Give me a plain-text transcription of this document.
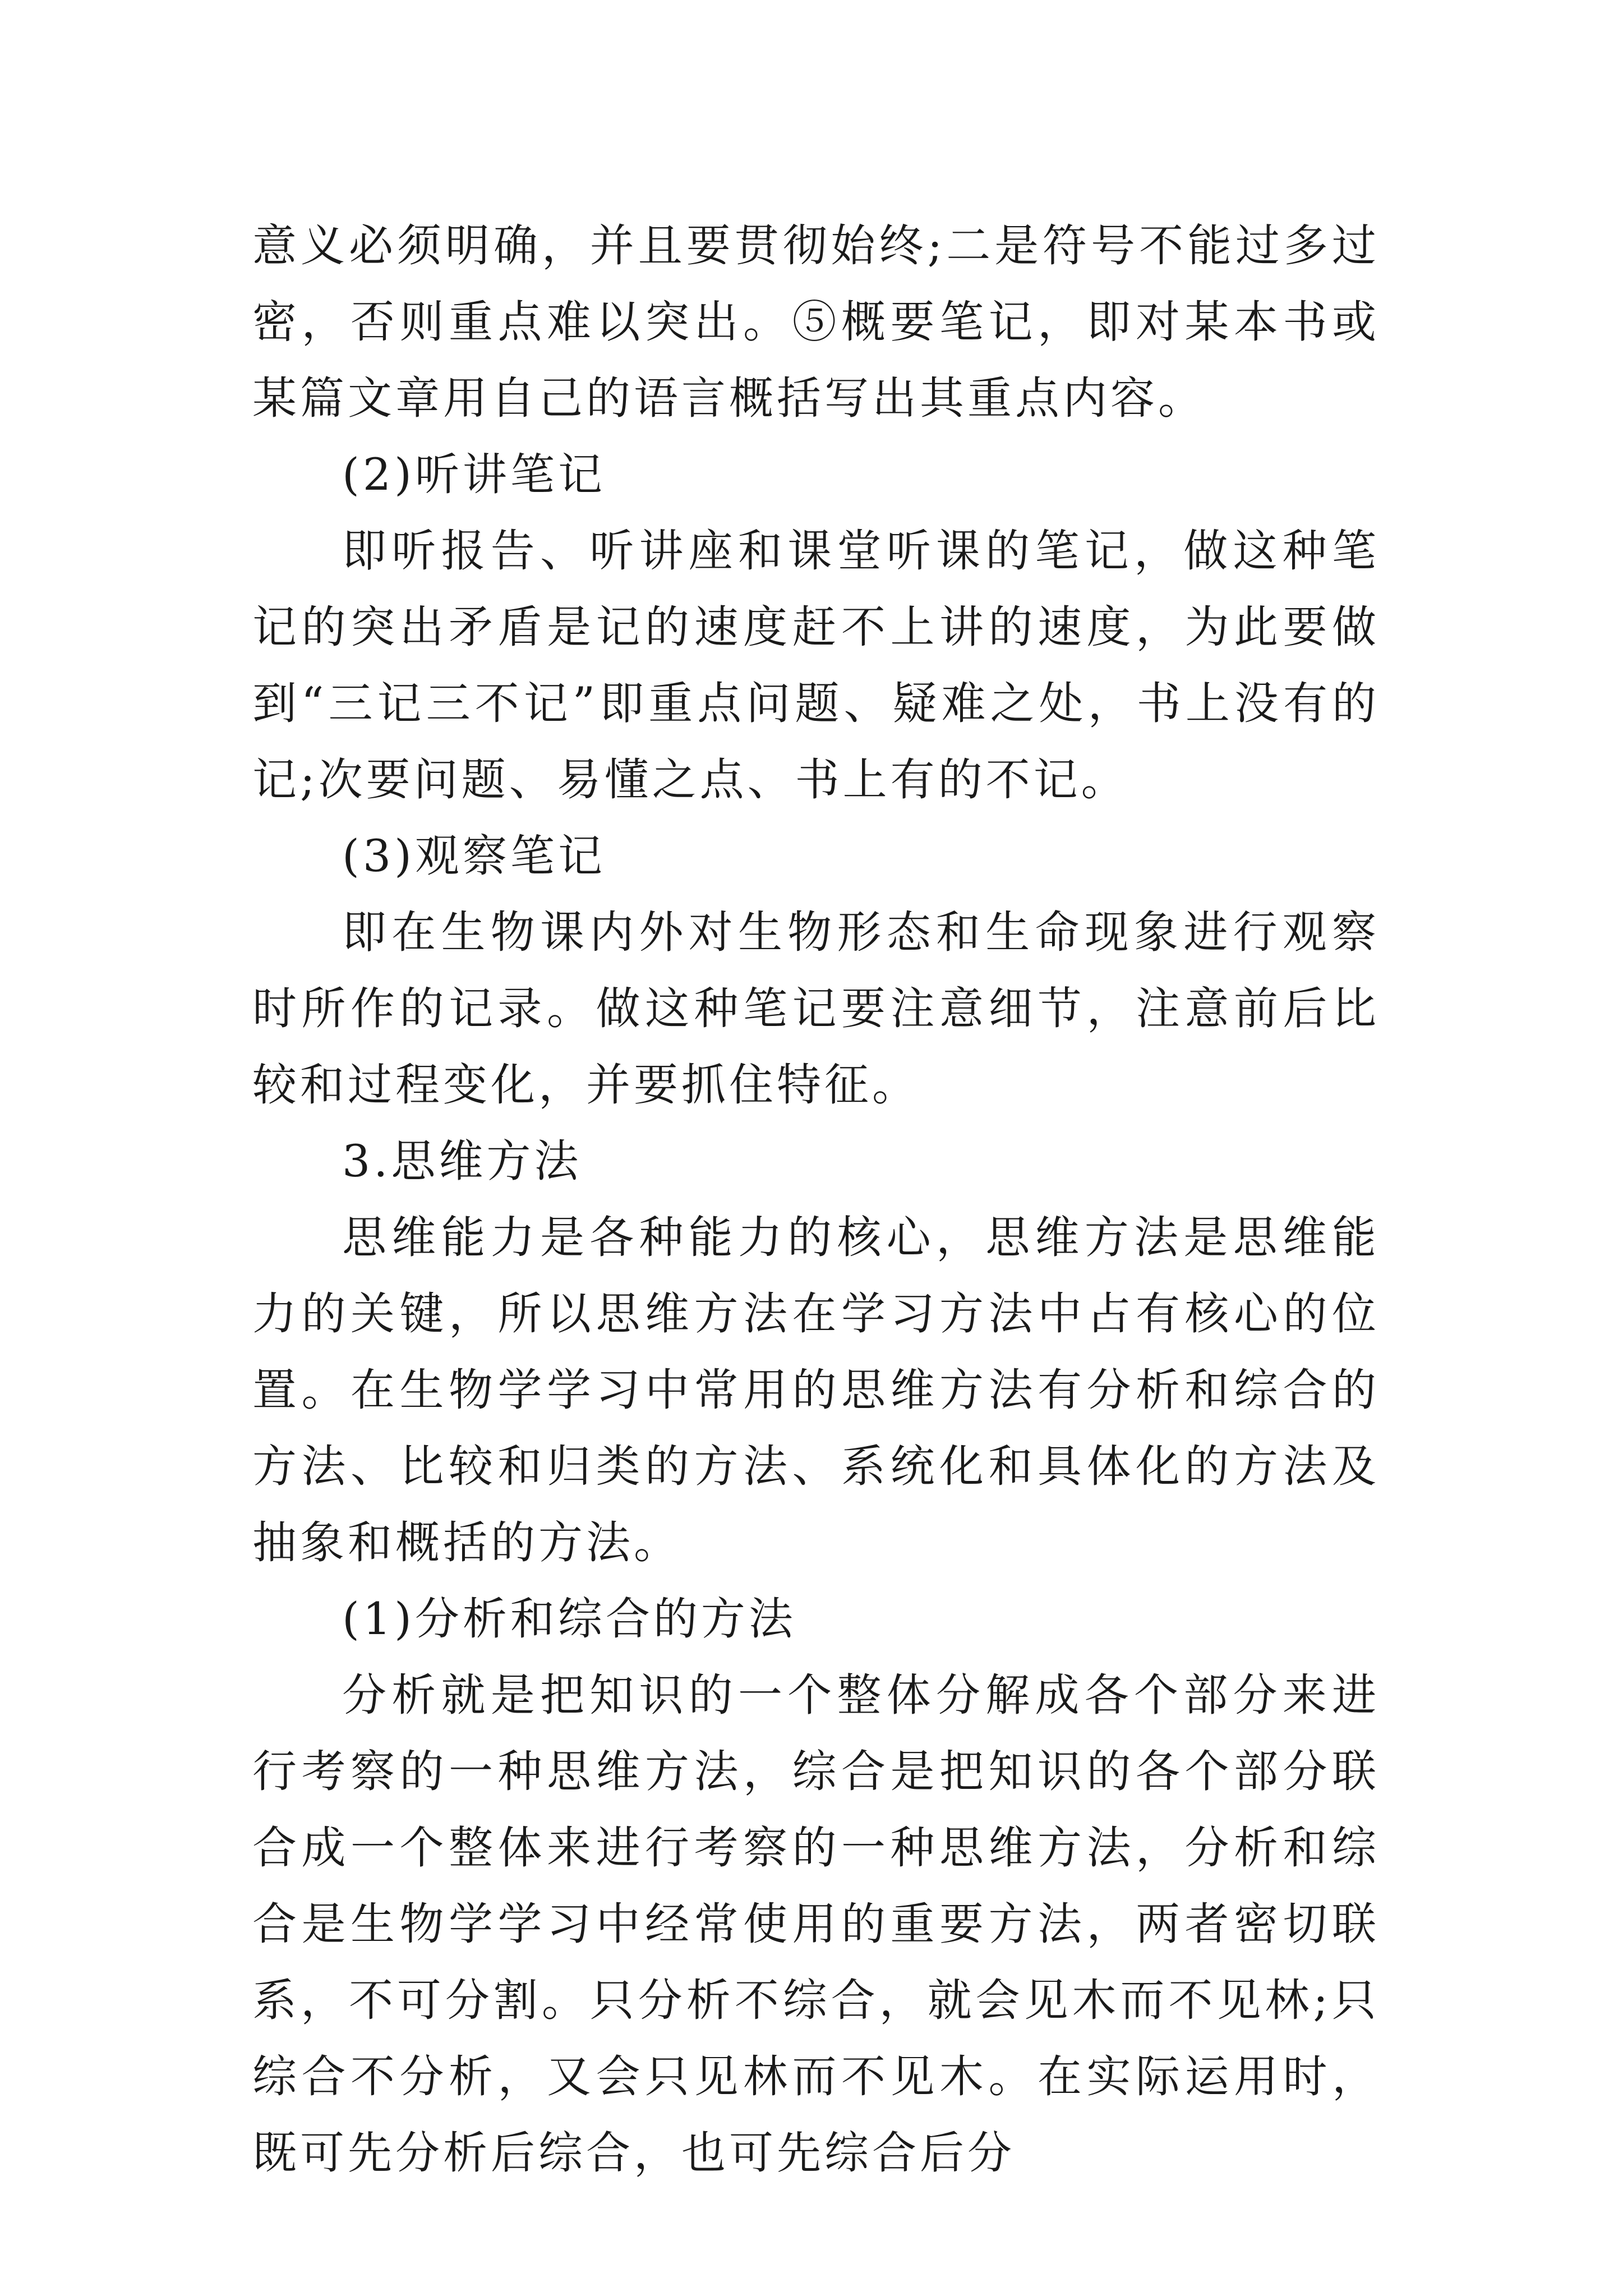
意义必须明确，并且要贯彻始终;二是符号不能过多过密，否则重点难以突出。⑤概要笔记，即对某本书或某篇文章用自己的语言概括写出其重点内容。

(2)听讲笔记

即听报告、听讲座和课堂听课的笔记，做这种笔记的突出矛盾是记的速度赶不上讲的速度，为此要做到“三记三不记”即重点问题、疑难之处，书上没有的记;次要问题、易懂之点、书上有的不记。

(3)观察笔记

即在生物课内外对生物形态和生命现象进行观察时所作的记录。做这种笔记要注意细节，注意前后比较和过程变化，并要抓住特征。

3.思维方法

思维能力是各种能力的核心，思维方法是思维能力的关键，所以思维方法在学习方法中占有核心的位置。在生物学学习中常用的思维方法有分析和综合的方法、比较和归类的方法、系统化和具体化的方法及抽象和概括的方法。

(1)分析和综合的方法

分析就是把知识的一个整体分解成各个部分来进行考察的一种思维方法，综合是把知识的各个部分联合成一个整体来进行考察的一种思维方法，分析和综合是生物学学习中经常使用的重要方法，两者密切联系，不可分割。只分析不综合，就会见木而不见林;只综合不分析，又会只见林而不见木。在实际运用时，既可先分析后综合，也可先综合后分
